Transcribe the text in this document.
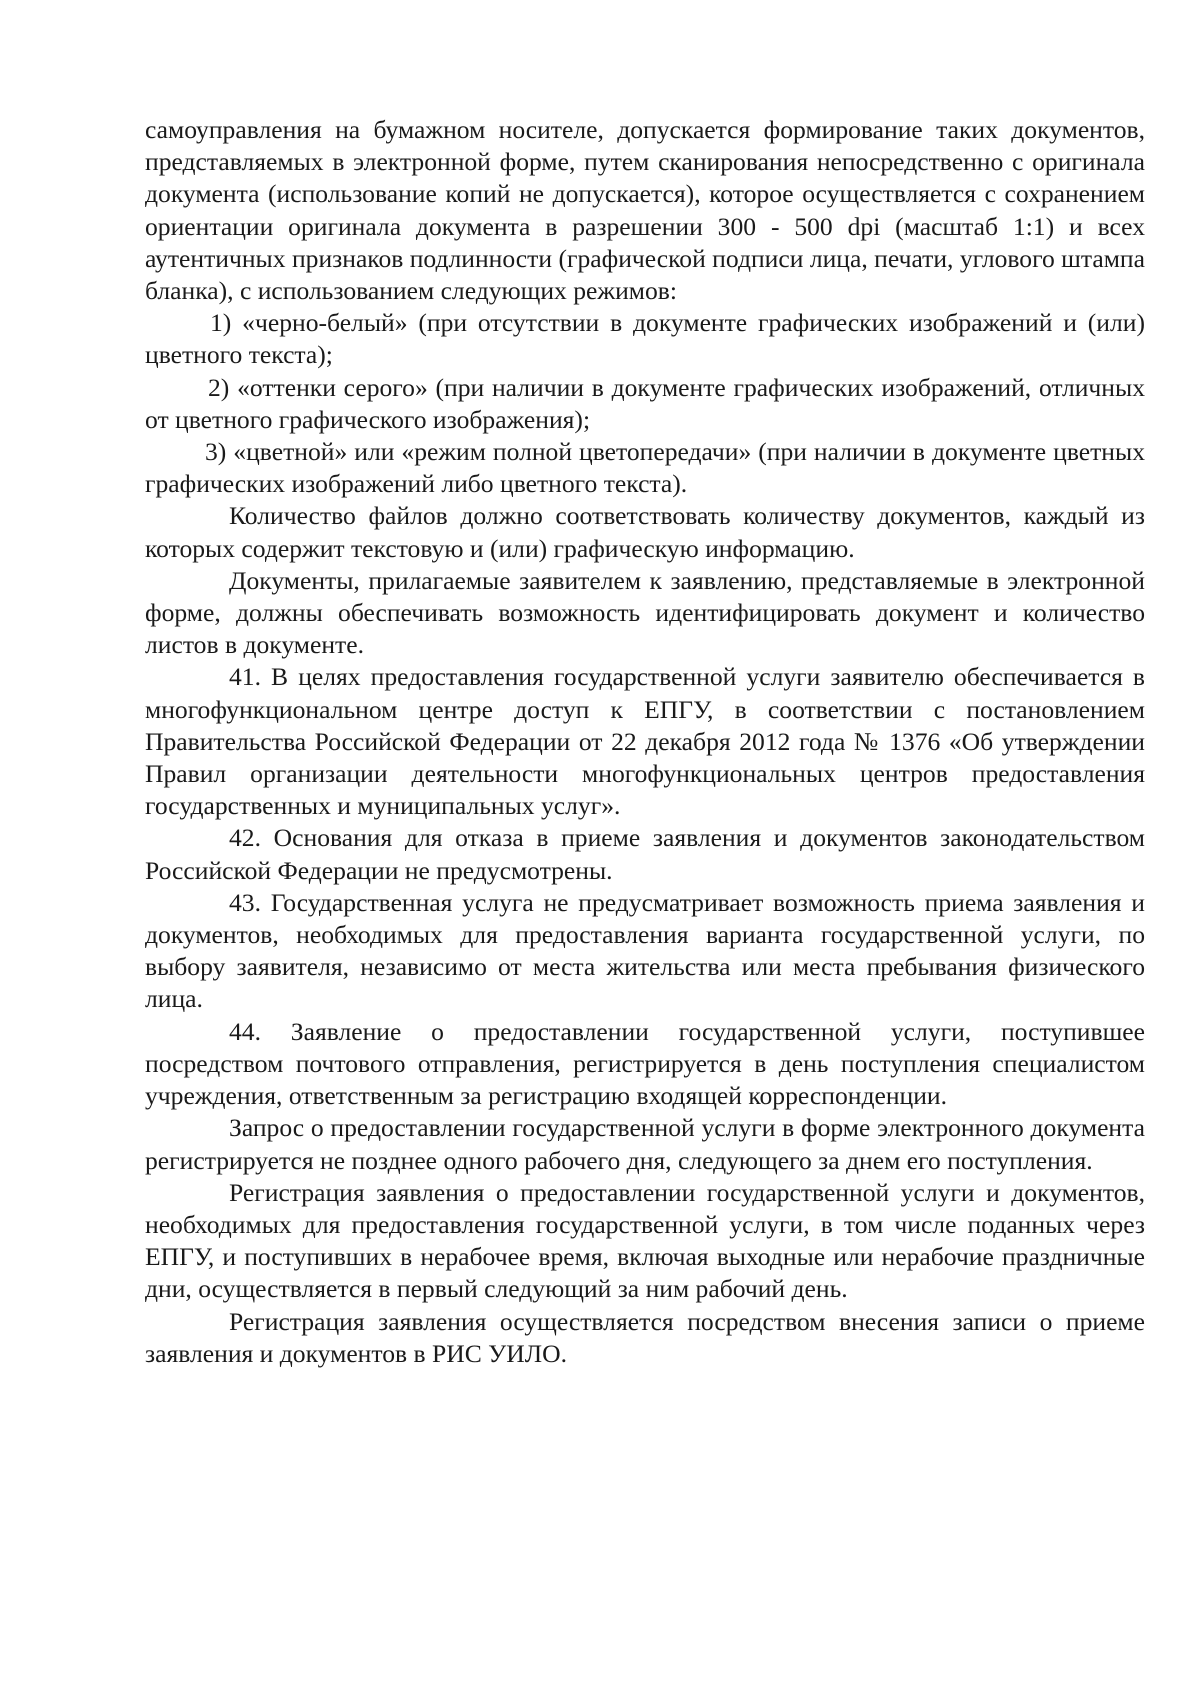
самоуправления на бумажном носителе, допускается формирование таких документов, представляемых в электронной форме, путем сканирования непосредственно с оригинала документа (использование копий не допускается), которое осуществляется с сохранением ориентации оригинала документа в разрешении 300 - 500 dpi (масштаб 1:1) и всех аутентичных признаков подлинности (графической подписи лица, печати, углового штампа бланка), с использованием следующих режимов:

1) «черно-белый» (при отсутствии в документе графических изображений и (или) цветного текста);

2) «оттенки серого» (при наличии в документе графических изображений, отличных от цветного графического изображения);

3) «цветной» или «режим полной цветопередачи» (при наличии в документе цветных графических изображений либо цветного текста).

Количество файлов должно соответствовать количеству документов, каждый из которых содержит текстовую и (или) графическую информацию.

Документы, прилагаемые заявителем к заявлению, представляемые в электронной форме, должны обеспечивать возможность идентифицировать документ и количество листов в документе.

41. В целях предоставления государственной услуги заявителю обеспечивается в многофункциональном центре доступ к ЕПГУ, в соответствии с постановлением Правительства Российской Федерации от 22 декабря 2012 года № 1376 «Об утверждении Правил организации деятельности многофункциональных центров предоставления государственных и муниципальных услуг».

42. Основания для отказа в приеме заявления и документов законодательством Российской Федерации не предусмотрены.

43. Государственная услуга не предусматривает возможность приема заявления и документов, необходимых для предоставления варианта государственной услуги, по выбору заявителя, независимо от места жительства или места пребывания физического лица.

44. Заявление о предоставлении государственной услуги, поступившее посредством почтового отправления, регистрируется в день поступления специалистом учреждения, ответственным за регистрацию входящей корреспонденции.

Запрос о предоставлении государственной услуги в форме электронного документа регистрируется не позднее одного рабочего дня, следующего за днем его поступления.

Регистрация заявления о предоставлении государственной услуги и документов, необходимых для предоставления государственной услуги, в том числе поданных через ЕПГУ, и поступивших в нерабочее время, включая выходные или нерабочие праздничные дни, осуществляется в первый следующий за ним рабочий день.

Регистрация заявления осуществляется посредством внесения записи о приеме заявления и документов в РИС УИЛО.
